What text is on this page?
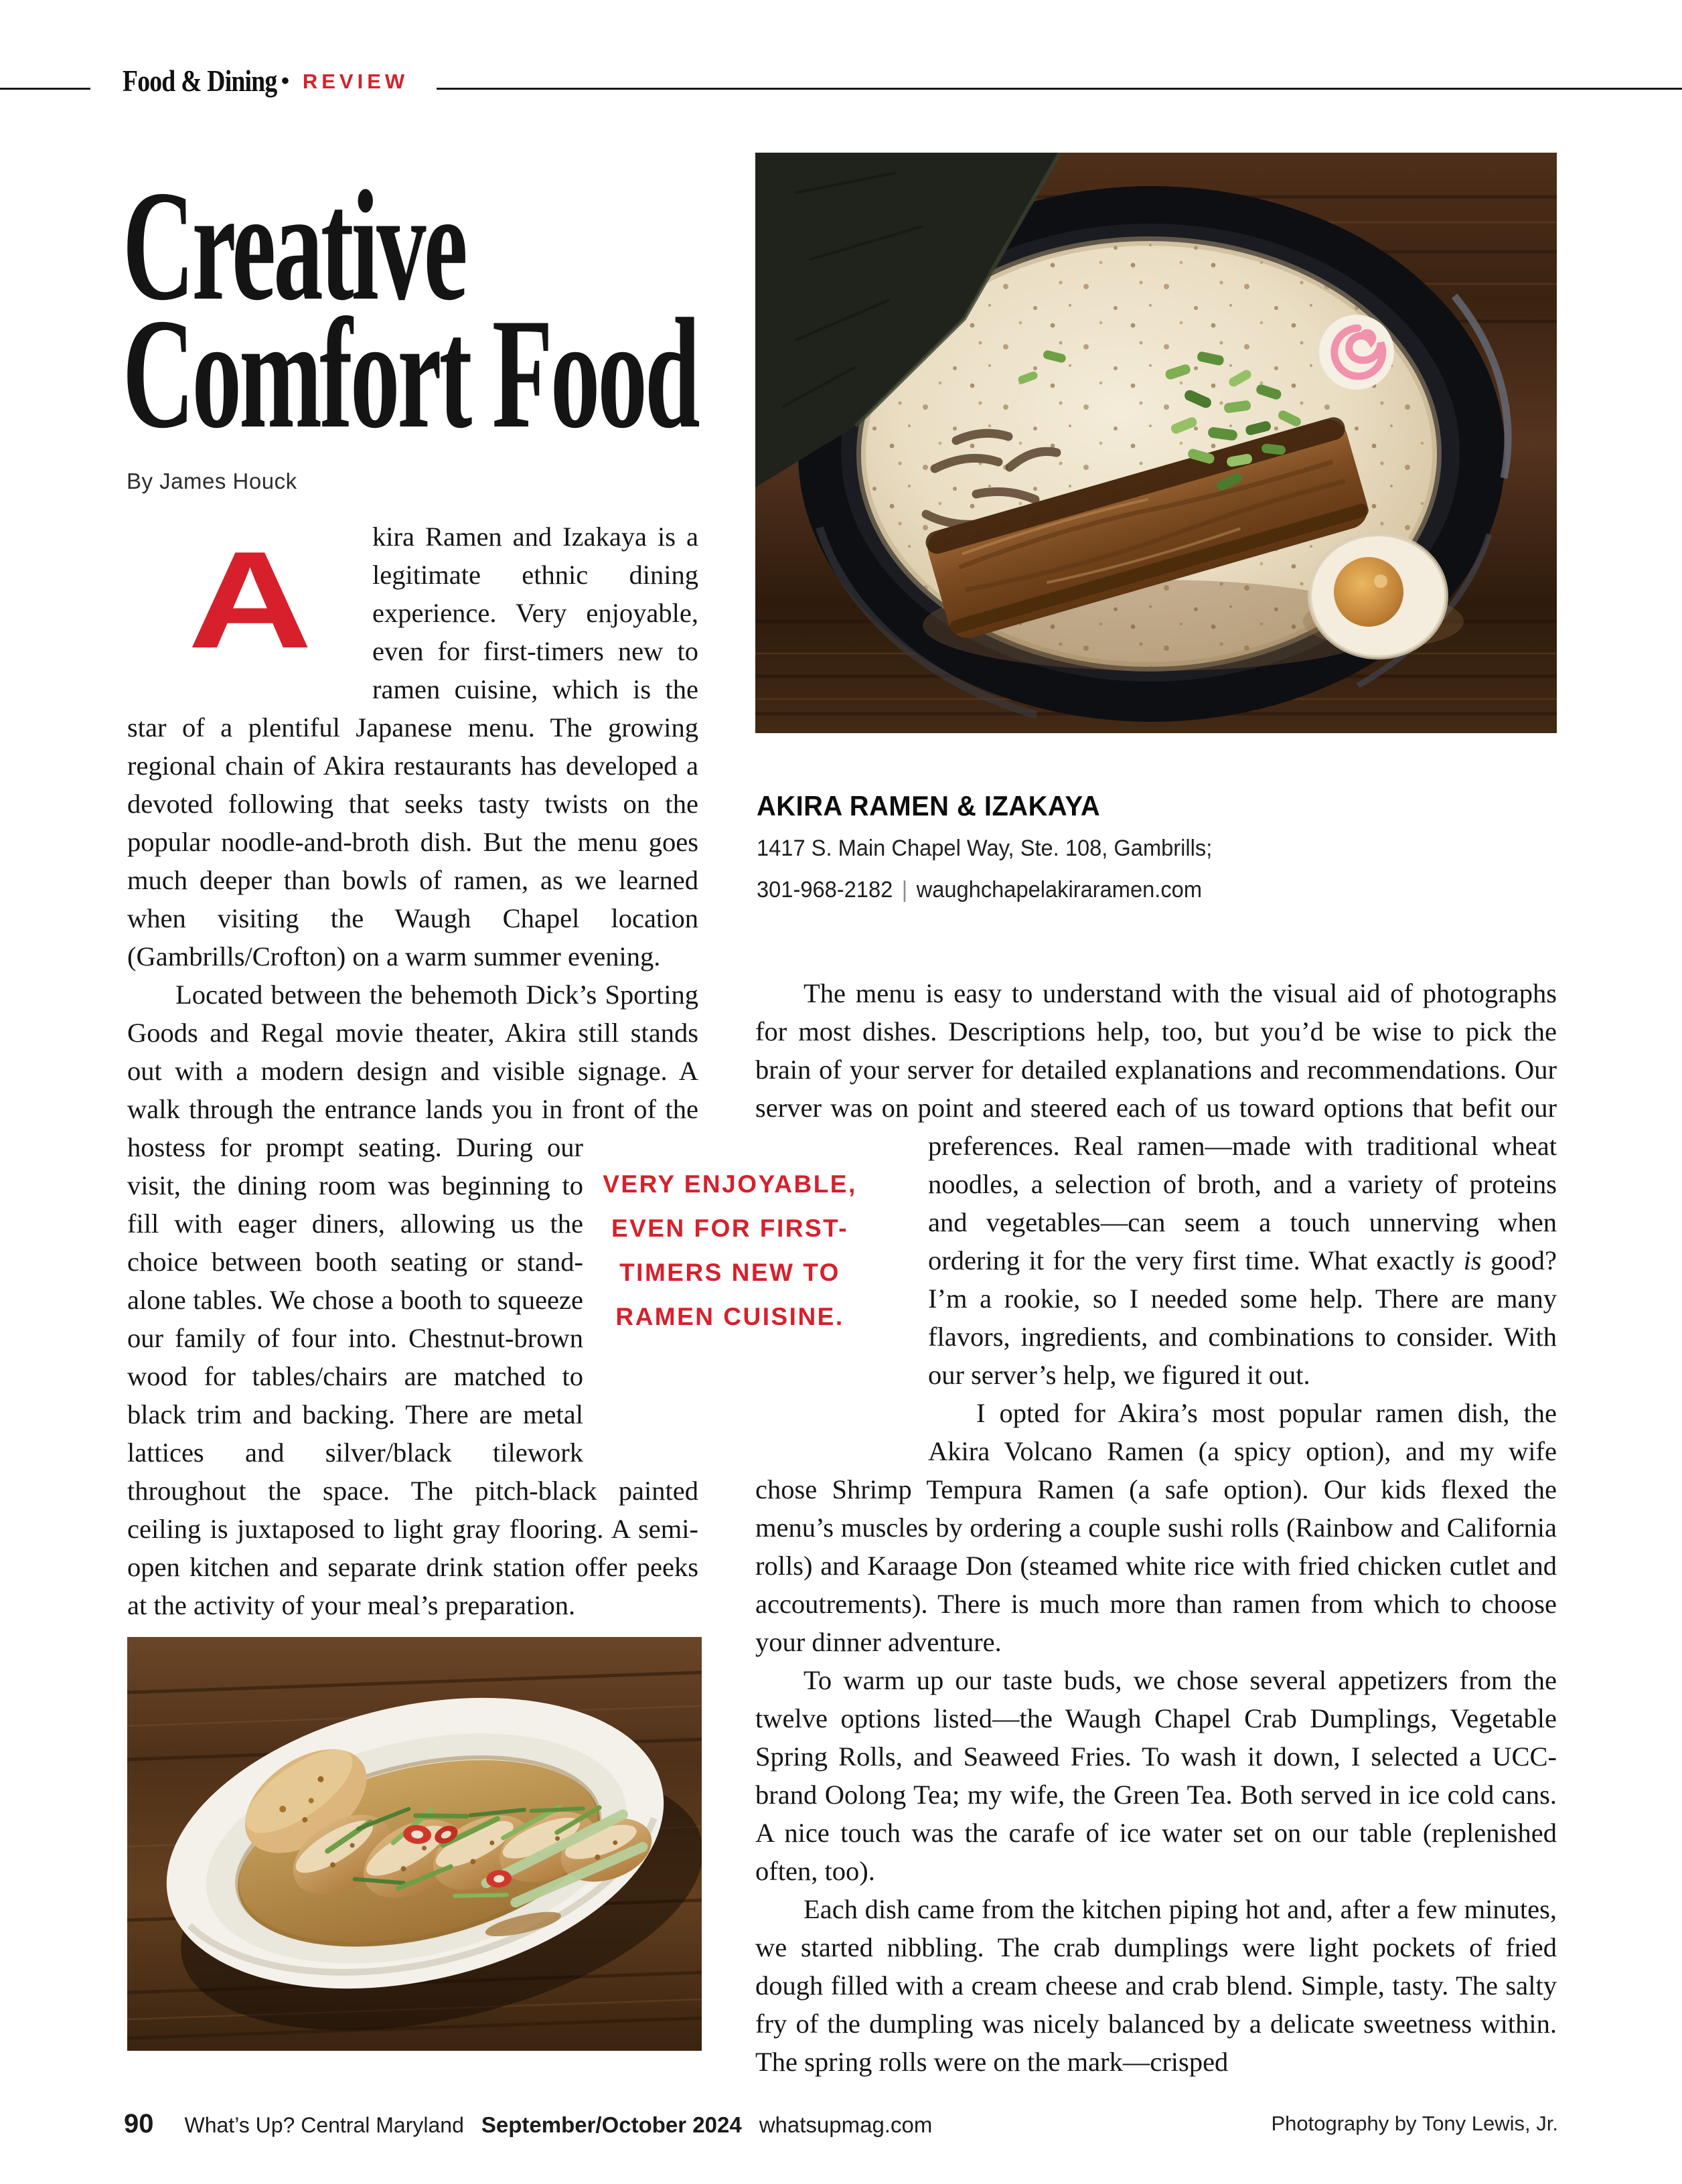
Food & Dining • REVIEW
Creative
Comfort Food
By James Houck
AKIRA RAMEN & IZAKAYA
1417 S. Main Chapel Way, Ste. 108, Gambrills;
301-968-2182 | waughchapelakiraramen.com

A kira Ramen and Izakaya is a legitimate ethnic dining experience. Very enjoyable, even for first-timers new to ramen cuisine, which is the star of a plentiful Japanese menu. The growing regional chain of Akira restaurants has developed a devoted following that seeks tasty twists on the popular noodle-and-broth dish. But the menu goes much deeper than bowls of ramen, as we learned when visiting the Waugh Chapel location (Gambrills/Crofton) on a warm summer evening.

Located between the behemoth Dick’s Sporting Goods and Regal movie theater, Akira still stands out with a modern design and visible signage. A walk through the entrance lands you in front of the hostess for prompt seating. During our visit, the dining room was beginning to fill with eager diners, allowing us the choice between booth seating or stand-alone tables. We chose a booth to squeeze our family of four into. Chestnut-brown wood for tables/chairs are matched to black trim and backing. There are metal lattices and silver/black tilework throughout the space. The pitch-black painted ceiling is juxtaposed to light gray flooring. A semi-open kitchen and separate drink station offer peeks at the activity of your meal’s preparation.

VERY ENJOYABLE,
EVEN FOR FIRST-
TIMERS NEW TO
RAMEN CUISINE.

The menu is easy to understand with the visual aid of photographs for most dishes. Descriptions help, too, but you’d be wise to pick the brain of your server for detailed explanations and recommendations. Our server was on point and steered each of us toward options that befit our preferences. Real ramen—made with traditional wheat noodles, a selection of broth, and a variety of proteins and vegetables—can seem a touch unnerving when ordering it for the very first time. What exactly is good? I’m a rookie, so I needed some help. There are many flavors, ingredients, and combinations to consider. With our server’s help, we figured it out.

I opted for Akira’s most popular ramen dish, the Akira Volcano Ramen (a spicy option), and my wife chose Shrimp Tempura Ramen (a safe option). Our kids flexed the menu’s muscles by ordering a couple sushi rolls (Rainbow and California rolls) and Karaage Don (steamed white rice with fried chicken cutlet and accoutrements). There is much more than ramen from which to choose your dinner adventure.

To warm up our taste buds, we chose several appetizers from the twelve options listed—the Waugh Chapel Crab Dumplings, Vegetable Spring Rolls, and Seaweed Fries. To wash it down, I selected a UCC-brand Oolong Tea; my wife, the Green Tea. Both served in ice cold cans. A nice touch was the carafe of ice water set on our table (replenished often, too).

Each dish came from the kitchen piping hot and, after a few minutes, we started nibbling. The crab dumplings were light pockets of fried dough filled with a cream cheese and crab blend. Simple, tasty. The salty fry of the dumpling was nicely balanced by a delicate sweetness within. The spring rolls were on the mark—crisped

90 What’s Up? Central Maryland September/October 2024 whatsupmag.com	Photography by Tony Lewis, Jr.
